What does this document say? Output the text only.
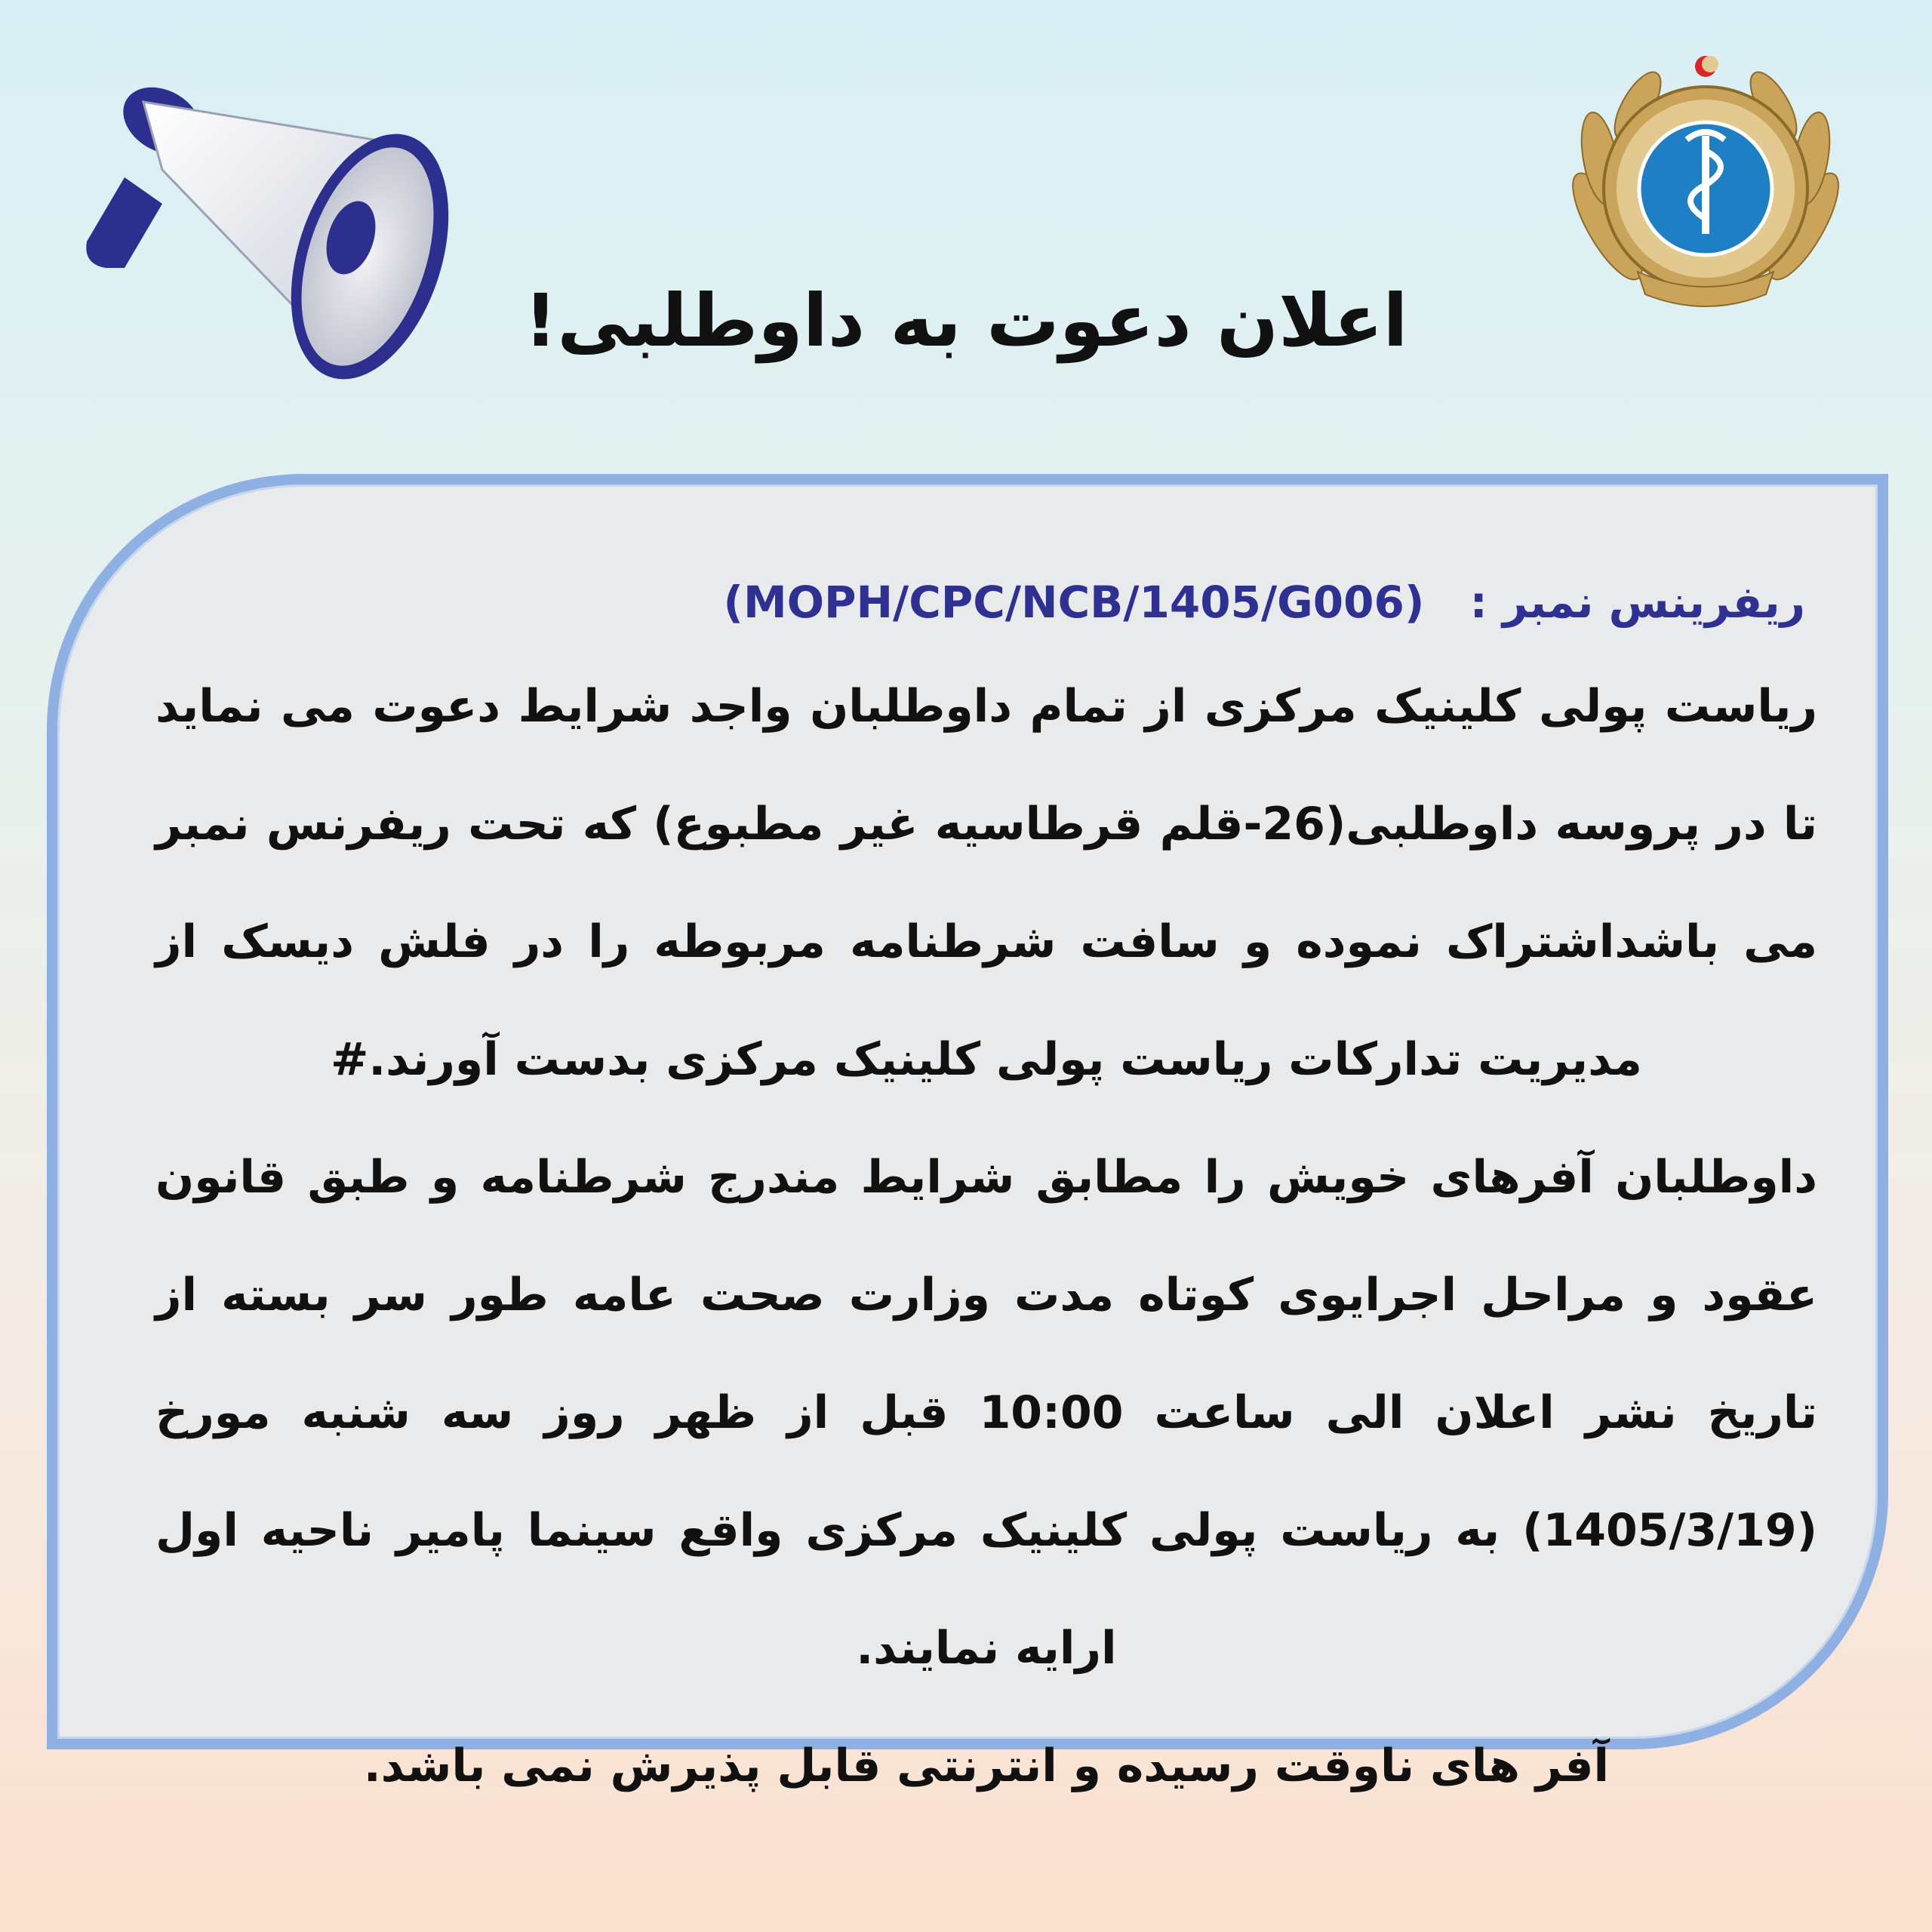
اعلان دعوت به داوطلبی!
ریفرینس نمبر : (MOPH/CPC/NCB/1405/G006)
ریاست پولی کلینیک مرکزی از تمام داوطلبان واجد شرایط دعوت می نماید تا در پروسه داوطلبی(26-قلم قرطاسیه غیر مطبوع) که تحت ریفرنس نمبر می باشداشتراک نموده و سافت شرطنامه مربوطه را در فلش دیسک از مدیریت تدارکات ریاست پولی کلینیک مرکزی بدست آورند.#
داوطلبان آفرهای خویش را مطابق شرایط مندرج شرطنامه و طبق قانون عقود و مراحل اجرایوی کوتاه مدت وزارت صحت عامه طور سر بسته از تاریخ نشر اعلان الی ساعت 10:00 قبل از ظهر روز سه شنبه مورخ (1405/3/19) به ریاست پولی کلینیک مرکزی واقع سینما پامیر ناحیه اول ارایه نمایند.
آفر های ناوقت رسیده و انترنتی قابل پذیرش نمی باشد.
